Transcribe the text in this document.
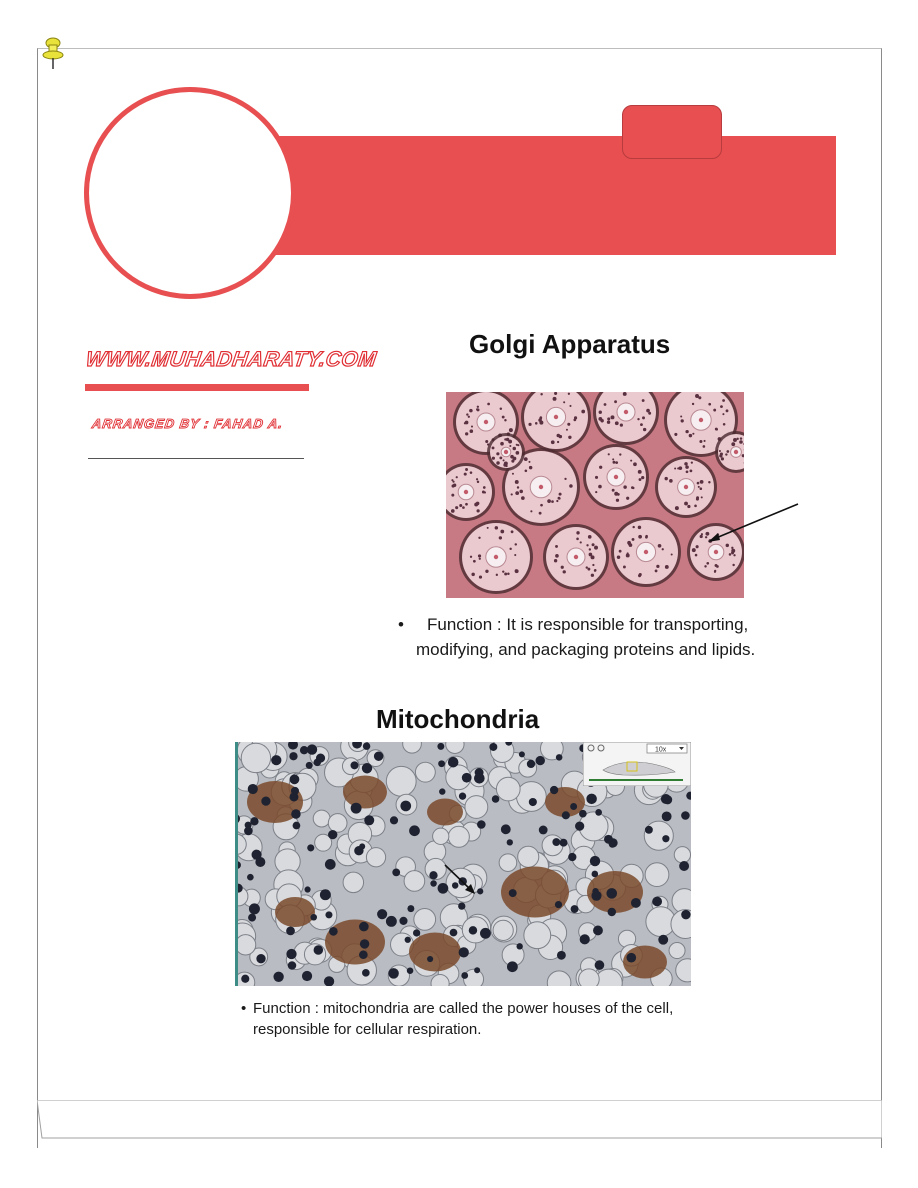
WWW.MUHADHARATY.COM
ARRANGED BY : FAHAD A.
Golgi Apparatus

•	Function : It is responsible for transporting, modifying, and packaging proteins and lipids.

Mitochondria
10x

• Function : mitochondria are called the power houses of the cell, responsible for cellular respiration.
